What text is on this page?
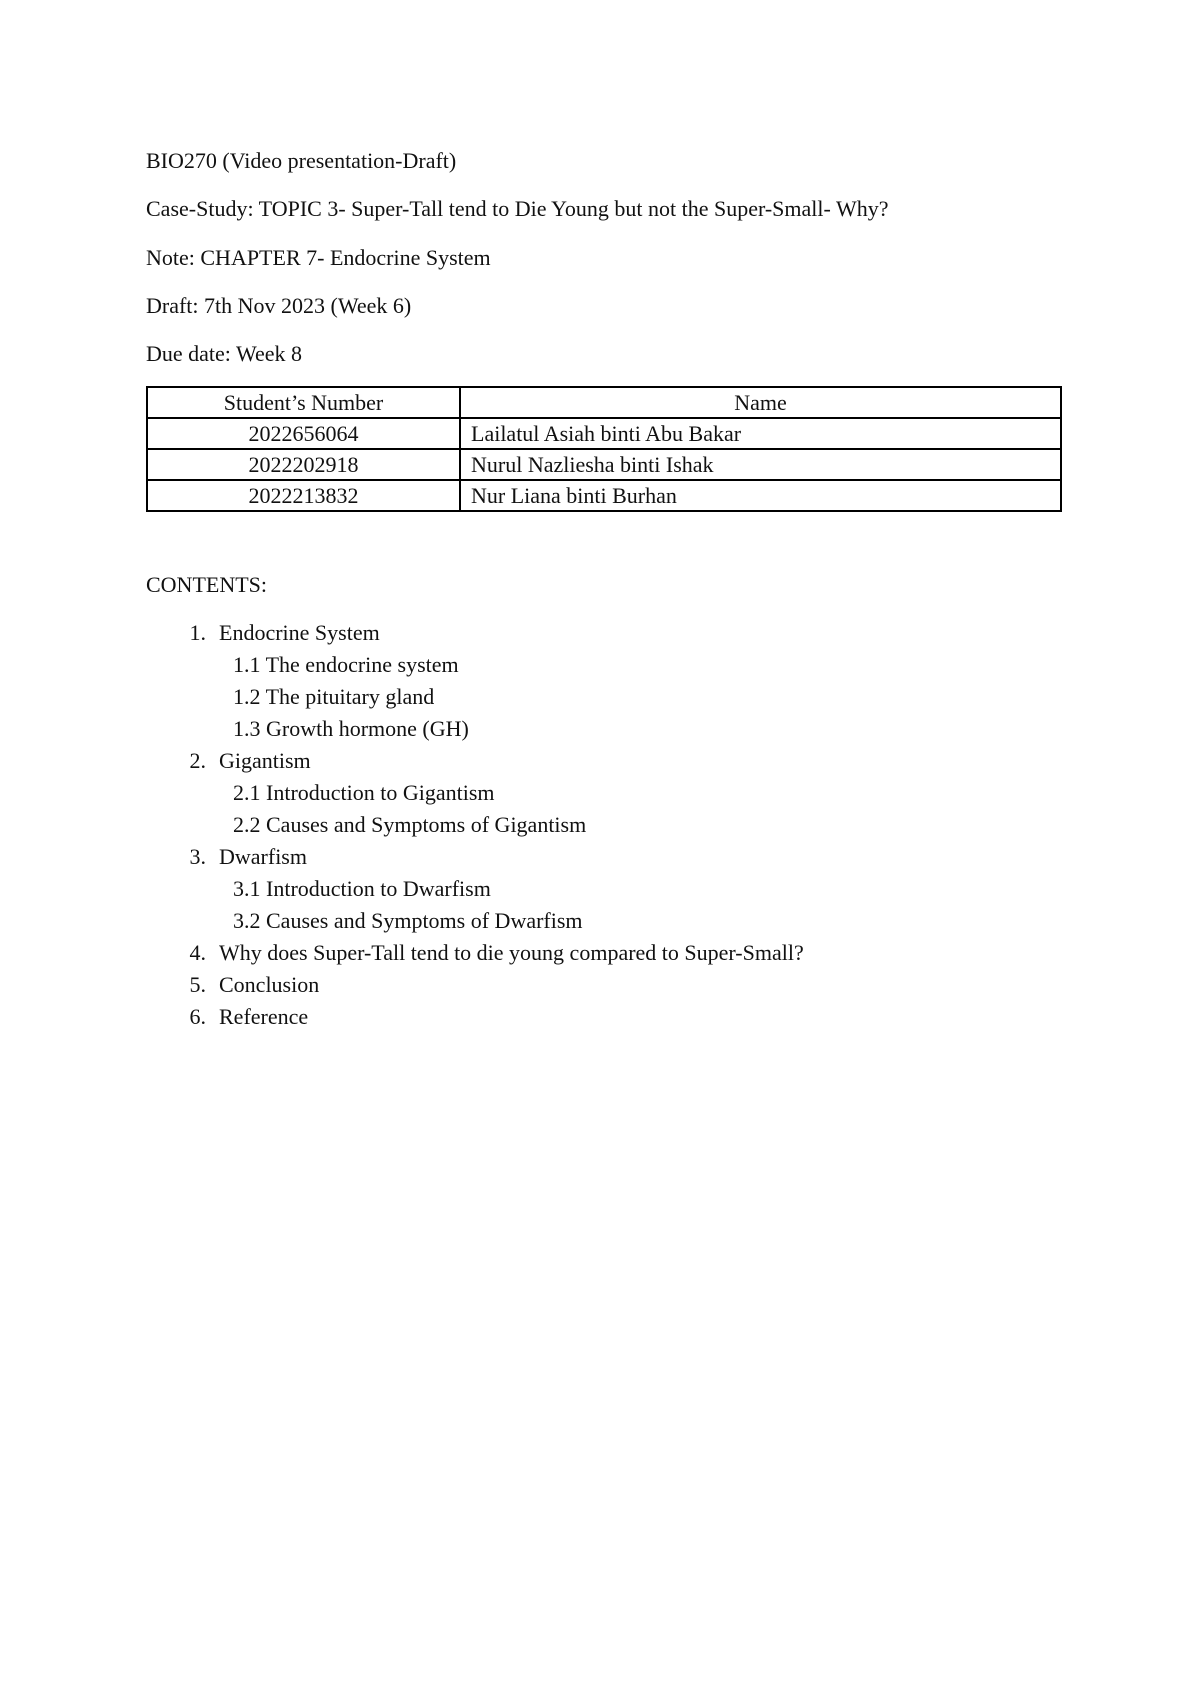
BIO270 (Video presentation-Draft)
Case-Study: TOPIC 3- Super-Tall tend to Die Young but not the Super-Small- Why?
Note: CHAPTER 7- Endocrine System
Draft: 7th Nov 2023 (Week 6)
Due date: Week 8
Student’s Number	Name
2022656064	Lailatul Asiah binti Abu Bakar
2022202918	Nurul Nazliesha binti Ishak
2022213832	Nur Liana binti Burhan
CONTENTS:
1. Endocrine System
1.1 The endocrine system
1.2 The pituitary gland
1.3 Growth hormone (GH)
2. Gigantism
2.1 Introduction to Gigantism
2.2 Causes and Symptoms of Gigantism
3. Dwarfism
3.1 Introduction to Dwarfism
3.2 Causes and Symptoms of Dwarfism
4. Why does Super-Tall tend to die young compared to Super-Small?
5. Conclusion
6. Reference
